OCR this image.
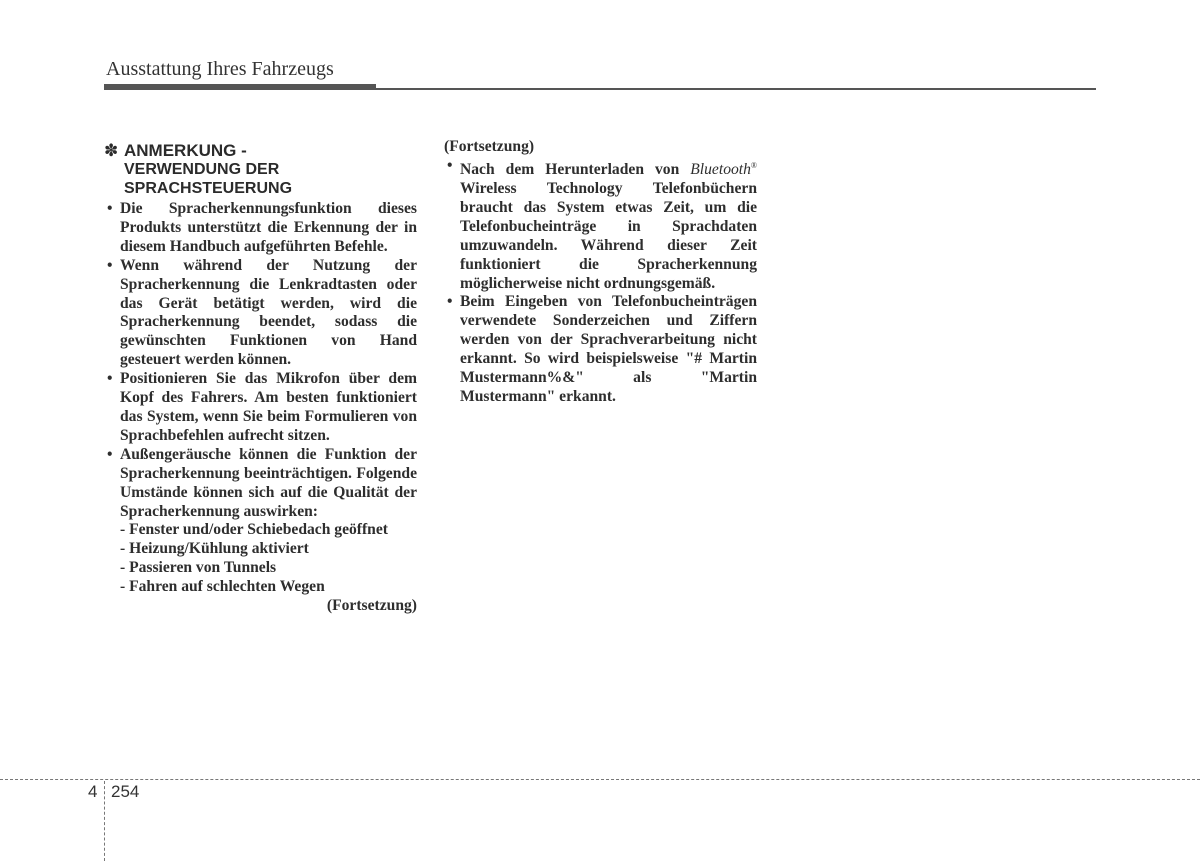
Ausstattung Ihres Fahrzeugs
✽ ANMERKUNG -
VERWENDUNG DER
SPRACHSTEUERUNG

• Die Spracherkennungsfunktion dieses Produkts unterstützt die Erkennung der in diesem Handbuch aufgeführten Befehle.

• Wenn während der Nutzung der Spracherkennung die Lenkradtasten oder das Gerät betätigt werden, wird die Spracherkennung beendet, sodass die gewünschten Funktionen von Hand gesteuert werden können.

• Positionieren Sie das Mikrofon über dem Kopf des Fahrers. Am besten funktioniert das System, wenn Sie beim Formulieren von Sprachbefehlen aufrecht sitzen.

• Außengeräusche können die Funktion der Spracherkennung beeinträchtigen. Folgende Umstände können sich auf die Qualität der Spracherkennung auswirken:

- Fenster und/oder Schiebedach geöffnet
- Heizung/Kühlung aktiviert
- Passieren von Tunnels
- Fahren auf schlechten Wegen
(Fortsetzung)
(Fortsetzung)

• Nach dem Herunterladen von Bluetooth® Wireless Technology Telefonbüchern braucht das System etwas Zeit, um die Telefonbucheinträge in Sprachdaten umzuwandeln. Während dieser Zeit funktioniert die Spracherkennung möglicherweise nicht ordnungsgemäß.

• Beim Eingeben von Telefonbucheinträgen verwendete Sonderzeichen und Ziffern werden von der Sprachverarbeitung nicht erkannt. So wird beispielsweise "# Martin Mustermann%&" als "Martin Mustermann" erkannt.

4 254
